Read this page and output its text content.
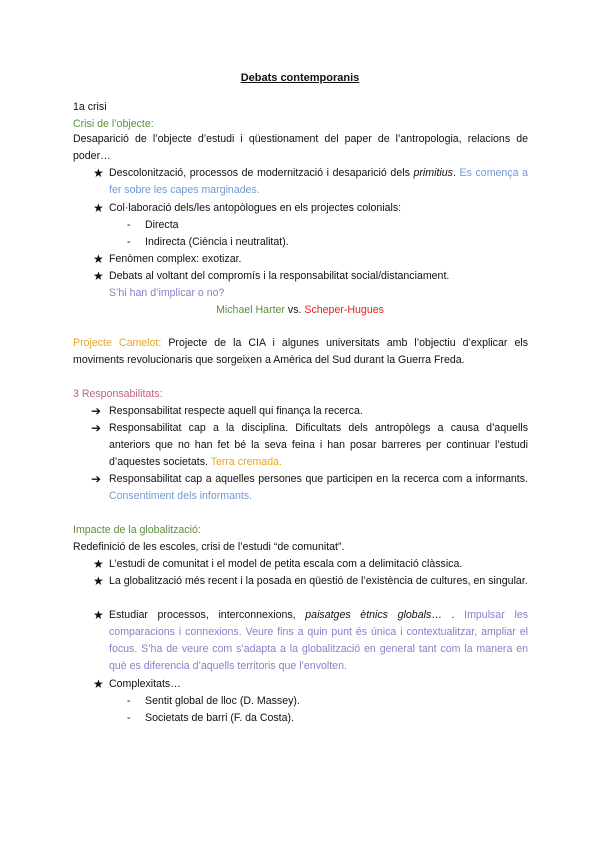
Debats contemporanis
1a crisi
Crisi de l’objecte:
Desaparició de l’objecte d’estudi i qüestionament del paper de l’antropologia, relacions de poder…
★ Descolonització, processos de modernització i desaparició dels primitius. Es comença a fer sobre les capes marginades.
★ Col·laboració dels/les antopòlogues en els projectes colonials:
- Directa
- Indirecta (Ciència i neutralitat).
★ Fenòmen complex: exotizar.
★ Debats al voltant del compromís i la responsabilitat social/distanciament.
S’hi han d’implicar o no?
Michael Harter vs. Scheper-Hugues
Projecte Camelot: Projecte de la CIA i algunes universitats amb l’objectiu d’explicar els moviments revolucionaris que sorgeixen a Amèrica del Sud durant la Guerra Freda.
3 Responsabilitats:
➔ Responsabilitat respecte aquell qui finança la recerca.
➔ Responsabilitat cap a la disciplina. Dificultats dels antropòlegs a causa d’aquells anteriors que no han fet bé la seva feina i han posar barreres per continuar l’estudi d’aquestes societats. Terra cremada.
➔ Responsabilitat cap a aquelles persones que participen en la recerca com a informants. Consentiment dels informants.
Impacte de la globalització:
Redefinició de les escoles, crisi de l’estudi “de comunitat”.
★ L’estudi de comunitat i el model de petita escala com a delimitació clàssica.
★ La globalització més recent i la posada en qüestió de l’existència de cultures, en singular.
★ Estudiar processos, interconnexions, paisatges ètnics globals… . Impulsar les comparacions i connexions. Veure fins a quin punt és única i contextualitzar, ampliar el focus. S’ha de veure com s’adapta a la globalització en general tant com la manera en què es diferencia d’aquells territoris que l’envolten.
★ Complexitats…
- Sentit global de lloc (D. Massey).
- Societats de barri (F. da Costa).
